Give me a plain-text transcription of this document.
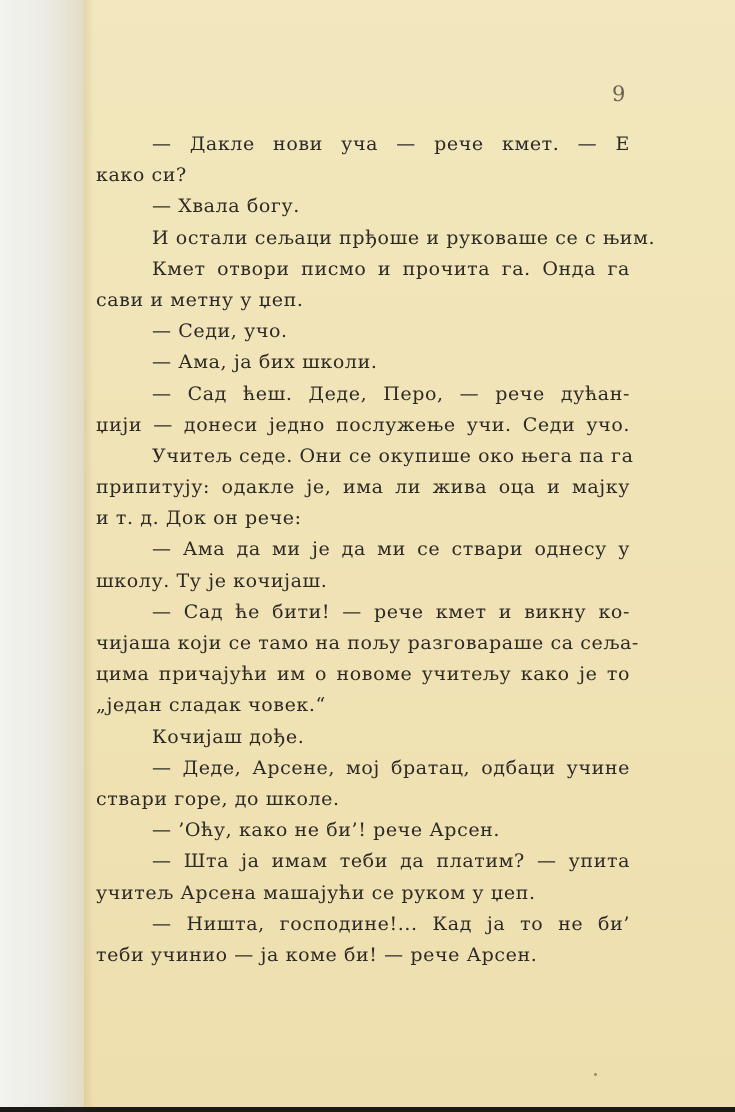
9
— Дакле нови уча — рече кмет. — Е
како си?
— Хвала богу.
И остали сељаци прђоше и руковаше се с њим.
Кмет отвори писмо и прочита га. Онда га
сави и метну у џеп.
— Седи, учо.
— Ама, ја бих школи.
— Сад ћеш. Деде, Перо, — рече дућан-
џији — донеси једно послужење учи. Седи учо.
Учитељ седе. Они се окупише око њега па га
припитују: одакле је, има ли жива оца и мајку
и т. д. Док он рече:
— Ама да ми је да ми се ствари однесу у
школу. Ту је кочијаш.
— Сад ће бити! — рече кмет и викну ко-
чијаша који се тамо на пољу разговараше са сеља-
цима причајући им о новоме учитељу како је то
„један сладак човек.“
Кочијаш дође.
— Деде, Арсене, мој братац, одбаци учине
ствари горе, до школе.
— ’Оћу, како не би’! рече Арсен.
— Шта ја имам теби да платим? — упита
учитељ Арсена машајући се руком у џеп.
— Ништа, господине!... Кад ја то не би’
теби учинио — ја коме би! — рече Арсен.
